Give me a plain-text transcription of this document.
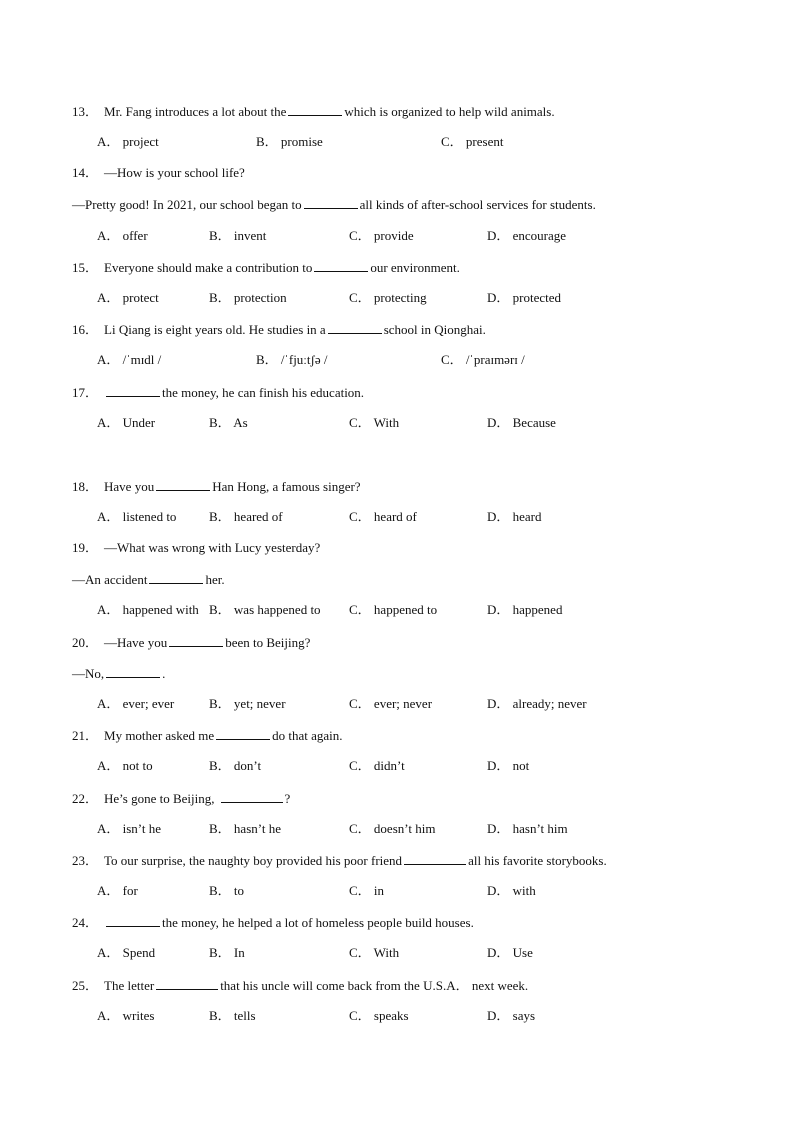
13． Mr. Fang introduces a lot about the	which is organized to help wild animals.
A． project	B． promise	C． present
14． —How is your school life?
—Pretty good! In 2021, our school began to	all kinds of after-school services for students.
A． offer	B． invent	C． provide	D． encourage
15． Everyone should make a contribution to	our environment.
A． protect	B． protection	C． protecting	D． protected
16． Li Qiang is eight years old. He studies in a	school in Qionghai.
A． /ˈmɪdl /	B． /ˈfjuːtʃə /	C． /ˈpraɪmərɪ /
17．	the money, he can finish his education.
A． Under	B． As	C． With	D． Because
18． Have you	Han Hong, a famous singer?
A． listened to	B． heared of	C． heard of	D． heard
19． —What was wrong with Lucy yesterday?
—An accident	her.
A． happened with B． was happened to C． happened to	D． happened
20． —Have you	been to Beijing?
—No,	.
A． ever; ever	B． yet; never	C． ever; never	D． already; never
21． My mother asked me	do that again.
A． not to	B． don’t	C． didn’t	D． not
22． He’s gone to Beijing,	?
A． isn’t he	B． hasn’t he	C． doesn’t him	D． hasn’t him
23． To our surprise, the naughty boy provided his poor friend	all his favorite storybooks.
A． for	B． to	C． in	D． with
24．	the money, he helped a lot of homeless people build houses.
A． Spend	B． In	C． With	D． Use
25． The letter	that his uncle will come back from the U.S.A． next week.
A． writes	B． tells	C． speaks	D． says
